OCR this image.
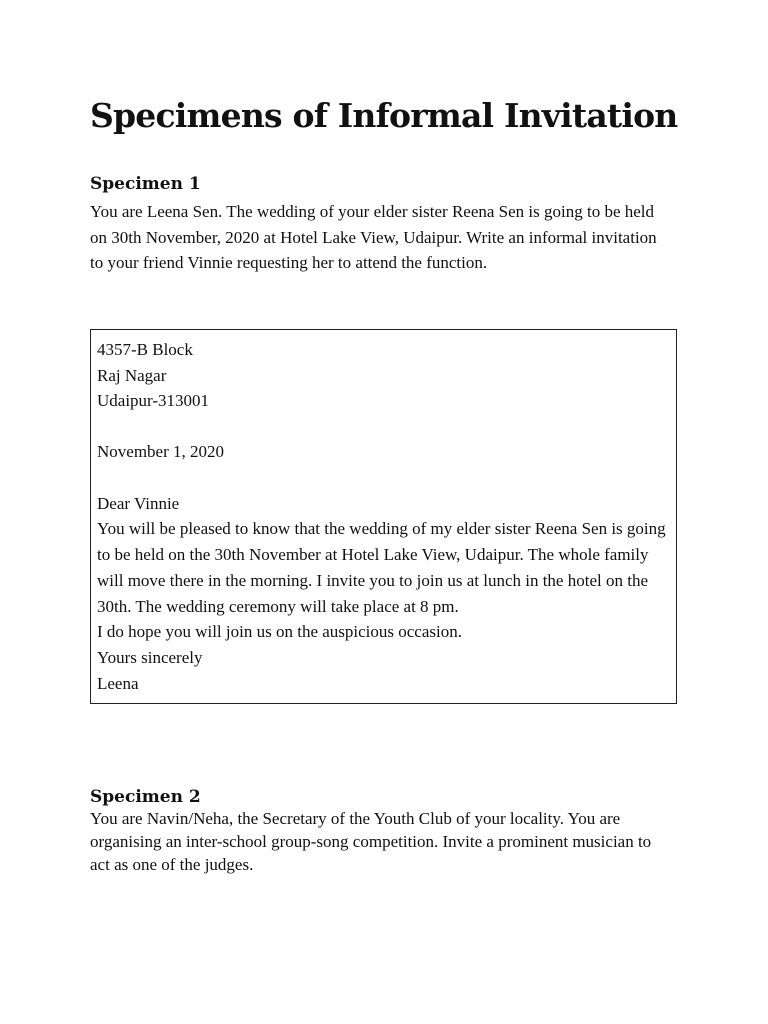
Specimens of Informal Invitation
Specimen 1

You are Leena Sen. The wedding of your elder sister Reena Sen is going to be held on 30th November, 2020 at Hotel Lake View, Udaipur. Write an informal invitation to your friend Vinnie requesting her to attend the function.

4357-B Block

Raj Nagar

Udaipur-313001

November 1, 2020

Dear Vinnie

You will be pleased to know that the wedding of my elder sister Reena Sen is going to be held on the 30th November at Hotel Lake View, Udaipur. The whole family will move there in the morning. I invite you to join us at lunch in the hotel on the 30th. The wedding ceremony will take place at 8 pm.

I do hope you will join us on the auspicious occasion.

Yours sincerely

Leena

Specimen 2

You are Navin/Neha, the Secretary of the Youth Club of your locality. You are organising an inter-school group-song competition. Invite a prominent musician to act as one of the judges.
